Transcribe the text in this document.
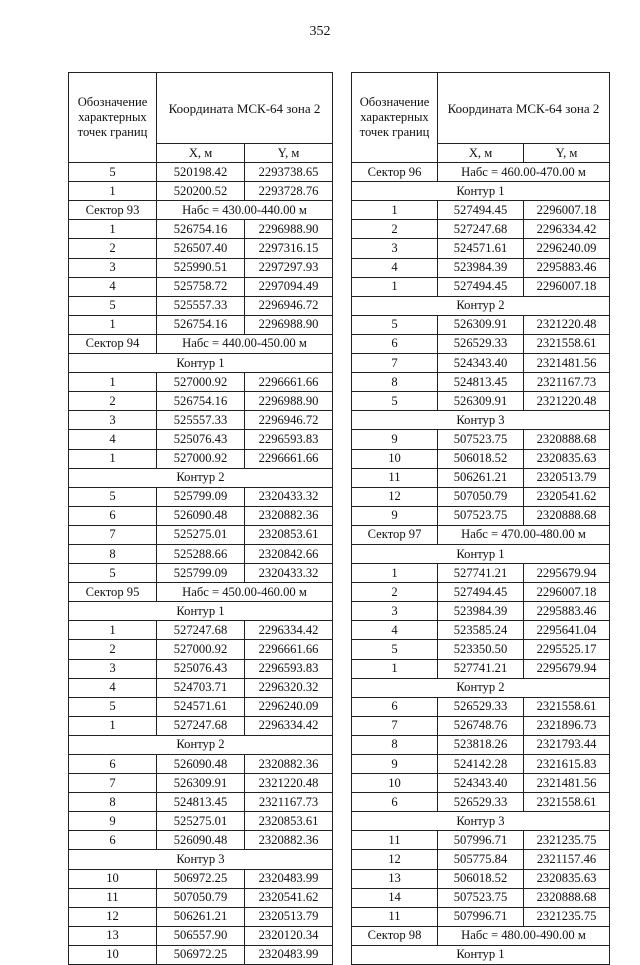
352
Обозначение характерных точек границ	Координата МСК-64 зона 2	
	X, м	Y, м
5	520198.42	2293738.65
1	520200.52	2293728.76
Сектор 93	Нaбс = 430.00-440.00 м	
1	526754.16	2296988.90
2	526507.40	2297316.15
3	525990.51	2297297.93
4	525758.72	2297094.49
5	525557.33	2296946.72
1	526754.16	2296988.90
Сектор 94	Нaбс = 440.00-450.00 м	
Контур 1		
1	527000.92	2296661.66
2	526754.16	2296988.90
3	525557.33	2296946.72
4	525076.43	2296593.83
1	527000.92	2296661.66
Контур 2		
5	525799.09	2320433.32
6	526090.48	2320882.36
7	525275.01	2320853.61
8	525288.66	2320842.66
5	525799.09	2320433.32
Сектор 95	Нaбс = 450.00-460.00 м	
Контур 1		
1	527247.68	2296334.42
2	527000.92	2296661.66
3	525076.43	2296593.83
4	524703.71	2296320.32
5	524571.61	2296240.09
1	527247.68	2296334.42
Контур 2		
6	526090.48	2320882.36
7	526309.91	2321220.48
8	524813.45	2321167.73
9	525275.01	2320853.61
6	526090.48	2320882.36
Контур 3		
10	506972.25	2320483.99
11	507050.79	2320541.62
12	506261.21	2320513.79
13	506557.90	2320120.34
10	506972.25	2320483.99
Обозначение характерных точек границ	Координата МСК-64 зона 2	
	X, м	Y, м
Сектор 96	Нaбс = 460.00-470.00 м	
Контур 1		
1	527494.45	2296007.18
2	527247.68	2296334.42
3	524571.61	2296240.09
4	523984.39	2295883.46
1	527494.45	2296007.18
Контур 2		
5	526309.91	2321220.48
6	526529.33	2321558.61
7	524343.40	2321481.56
8	524813.45	2321167.73
5	526309.91	2321220.48
Контур 3		
9	507523.75	2320888.68
10	506018.52	2320835.63
11	506261.21	2320513.79
12	507050.79	2320541.62
9	507523.75	2320888.68
Сектор 97	Нaбс = 470.00-480.00 м	
Контур 1		
1	527741.21	2295679.94
2	527494.45	2296007.18
3	523984.39	2295883.46
4	523585.24	2295641.04
5	523350.50	2295525.17
1	527741.21	2295679.94
Контур 2		
6	526529.33	2321558.61
7	526748.76	2321896.73
8	523818.26	2321793.44
9	524142.28	2321615.83
10	524343.40	2321481.56
6	526529.33	2321558.61
Контур 3		
11	507996.71	2321235.75
12	505775.84	2321157.46
13	506018.52	2320835.63
14	507523.75	2320888.68
11	507996.71	2321235.75
Сектор 98	Нaбс = 480.00-490.00 м	
Контур 1		
